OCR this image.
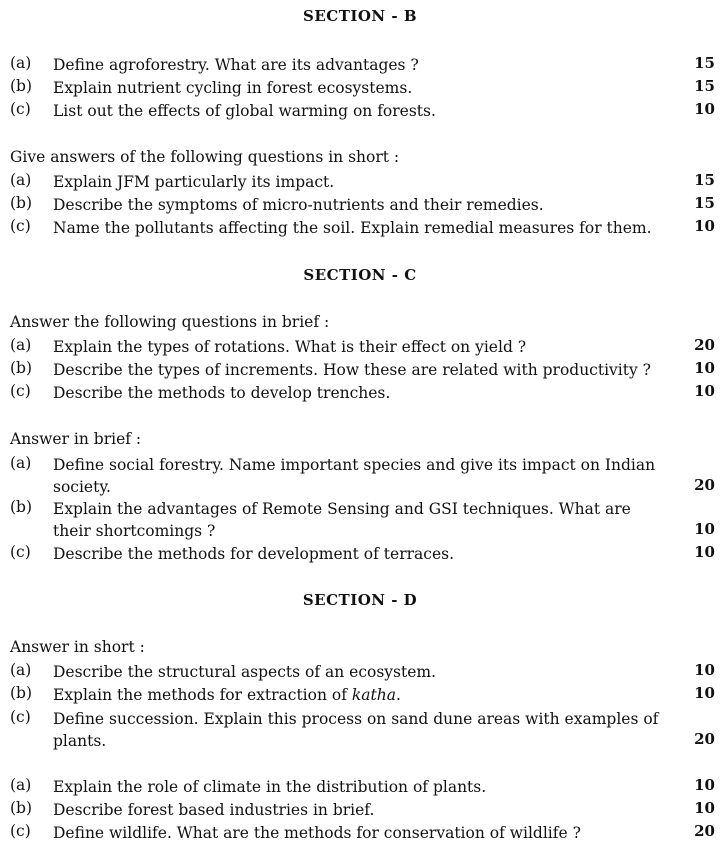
SECTION - B
(a) Define agroforestry. What are its advantages ?	15
(b) Explain nutrient cycling in forest ecosystems.	15
(c) List out the effects of global warming on forests.	10
Give answers of the following questions in short :
(a) Explain JFM particularly its impact.	15
(b) Describe the symptoms of micro-nutrients and their remedies.	15
(c) Name the pollutants affecting the soil. Explain remedial measures for them.	10
SECTION - C
Answer the following questions in brief :
(a) Explain the types of rotations. What is their effect on yield ?	20
(b) Describe the types of increments. How these are related with productivity ?	10
(c) Describe the methods to develop trenches.	10
Answer in brief :
(a) Define social forestry. Name important species and give its impact on Indian society.	20
(b) Explain the advantages of Remote Sensing and GSI techniques. What are their shortcomings ?	10
(c) Describe the methods for development of terraces.	10
SECTION - D
Answer in short :
(a) Describe the structural aspects of an ecosystem.	10
(b) Explain the methods for extraction of katha.	10
(c) Define succession. Explain this process on sand dune areas with examples of plants.	20
(a) Explain the role of climate in the distribution of plants.	10
(b) Describe forest based industries in brief.	10
(c) Define wildlife. What are the methods for conservation of wildlife ?	20
